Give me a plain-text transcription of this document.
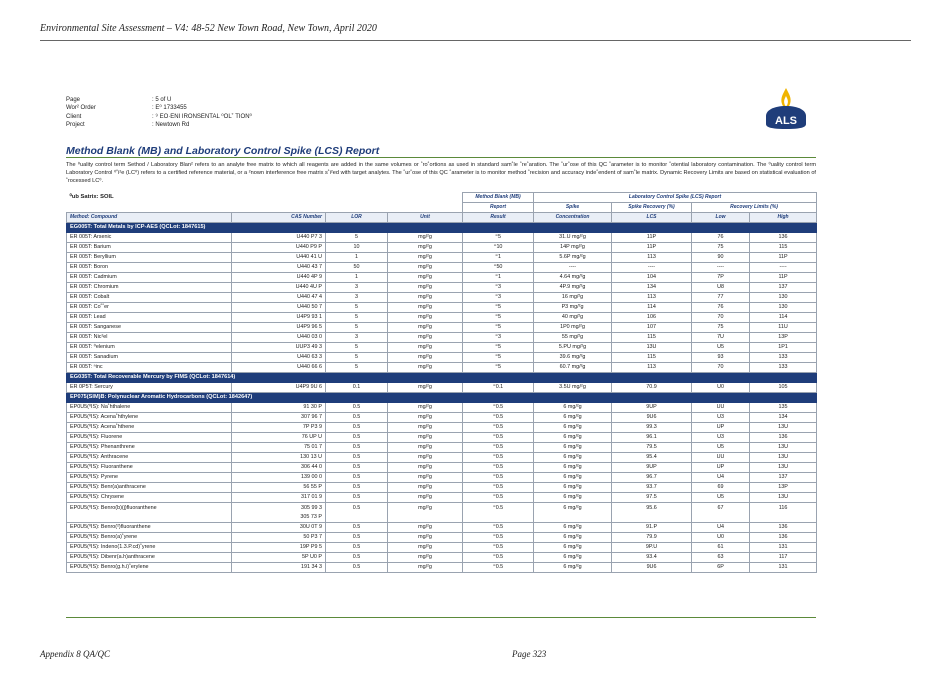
Environmental Site Assessment – V4: 48-52 New Town Road, New Town, April 2020
Page	: 5 of U
Wor² Order	: E⁰ 1733455
Client	: ⁹ EO·ENI IRONSENTAL ⁰OL˚ TION⁰
Project	: Newtown Rd	ALS
Method Blank (MB) and Laboratory Control Spike (LCS) Report
The ⁰uality control term Sethod / Laboratory Blan² refers to an analyte free matrix to which all reagents are added in the same volumes or ˚ro˚ortions as used in standard sam˚le ˚re˚aration. The ˚ur˚ose of this QC ˚arameter is to monitor ˚otential laboratory contamination. The ⁰uality control term Laboratory Control ⁰˚i²e (LC⁰) refers to a certified reference material, or a ²nown interference free matrix s˚i²ed with target analytes. The ˚ur˚ose of this QC ˚arameter is to monitor method ˚recision and accuracy inde˚endent of sam˚le matrix. Dynamic Recovery Limits are based on statistical evaluation of ˚rocessed LC⁰.
⁰ub Satrix: SOIL				Method Blank (MB)	Laboratory Control Spike (LCS) Report			
				Report	Spike	Spike Recovery (%)	Recovery Limits (%)	
Method: Compound	CAS Number	LOR	Unit	Result	Concentration	LCS	Low	High
EG005T: Total Metals by ICP-AES (QCLot: 1847615)								
ER 005T: Arsenic	U440 P7 3	5	mg/²g	⁼5	31.U mg/²g	11P	76	136
ER 005T: Barium	U440 P9 P	10	mg/²g	⁼10	14P mg/²g	11P	75	115
ER 005T: Beryllium	U440 41 U	1	mg/²g	⁼1	5.6P mg/²g	113	90	11P
ER 005T: Boron	U440 43 7	50	mg/²g	⁼50	----	----	----	----
ER 005T: Cadmium	U440 4P 9	1	mg/²g	⁼1	4.64 mg/²g	104	7P	11P
ER 005T: Chromium	U440 4U P	3	mg/²g	⁼3	4P.9 mg/²g	134	U8	137
ER 005T: Cobalt	U440 47 4	3	mg/²g	⁼3	16 mg/²g	113	77	130
ER 005T: Co˚˚er	U440 50 7	5	mg/²g	⁼5	P3 mg/²g	114	76	130
ER 005T: Lead	U4P9 93 1	5	mg/²g	⁼5	40 mg/²g	106	70	114
ER 005T: Sanganese	U4P9 96 5	5	mg/²g	⁼5	1P0 mg/²g	107	75	11U
ER 005T: Nic²el	U440 03 0	3	mg/²g	⁼3	55 mg/²g	115	7U	13P
ER 005T: ⁰elenium	UUP3 49 3	5	mg/²g	⁼5	5.PU mg/²g	13U	U5	1P1
ER 005T: Sanadium	U440 63 3	5	mg/²g	⁼5	39.6 mg/²g	115	93	133
ER 005T: ⁿinc	U440 66 6	5	mg/²g	⁼5	60.7 mg/²g	113	70	133
EG035T: Total Recoverable Mercury by FIMS (QCLot: 1847614)								
ER 0P5T: Sercury	U4P9 9U 6	0.1	mg/²g	⁼0.1	3.5U mg/²g	70.9	U0	105
EP075(SIM)B: Polynuclear Aromatic Hydrocarbons (QCLot: 1842647)								
EP0U5(⁰IS): Na˚hthalene	91 30 P	0.5	mg/²g	⁼0.5	6 mg/²g	9UP	UU	135
EP0U5(⁰IS): Acena˚hthylene	307 96 7	0.5	mg/²g	⁼0.5	6 mg/²g	9U6	U3	134
EP0U5(⁰IS): Acena˚hthene	7P P3 9	0.5	mg/²g	⁼0.5	6 mg/²g	99.3	UP	13U
EP0U5(⁰IS): Fluorene	76 UP U	0.5	mg/²g	⁼0.5	6 mg/²g	96.1	U3	136
EP0U5(⁰IS): Phenanthrene	75 01 7	0.5	mg/²g	⁼0.5	6 mg/²g	79.5	U5	13U
EP0U5(⁰IS): Anthracene	130 13 U	0.5	mg/²g	⁼0.5	6 mg/²g	95.4	UU	13U
EP0U5(⁰IS): Fluoranthene	306 44 0	0.5	mg/²g	⁼0.5	6 mg/²g	9UP	UP	13U
EP0U5(⁰IS): Pyrene	139 00 0	0.5	mg/²g	⁼0.5	6 mg/²g	96.7	U4	137
EP0U5(⁰IS): Benr(a)anthracene	56 55 P	0.5	mg/²g	⁼0.5	6 mg/²g	93.7	69	13P
EP0U5(⁰IS): Chrysene	317 01 9	0.5	mg/²g	⁼0.5	6 mg/²g	97.5	U5	13U
EP0U5(⁰IS): Benro(b)(j)fluoranthene	305 99 3
305 73 P	0.5	mg/²g	⁼0.5	6 mg/²g	95.6	67	116
EP0U5(⁰IS): Benro(²)fluoranthene	30U 0T 9	0.5	mg/²g	⁼0.5	6 mg/²g	91.P	U4	136
EP0U5(⁰IS): Benro(a)˚yrene	50 P3 7	0.5	mg/²g	⁼0.5	6 mg/²g	79.9	U0	136
EP0U5(⁰IS): Indeno(1.3.P.cd)˚yrene	19P P9 5	0.5	mg/²g	⁼0.5	6 mg/²g	9P.U	61	131
EP0U5(⁰IS): Dibenr(a.h)anthracene	5P U0 P	0.5	mg/²g	⁼0.5	6 mg/²g	93.4	63	117
EP0U5(⁰IS): Benro(g.h.i)˚erylene	191 34 3	0.5	mg/²g	⁼0.5	6 mg/²g	9U6	6P	131
Appendix 8 QA/QC	Page 323
